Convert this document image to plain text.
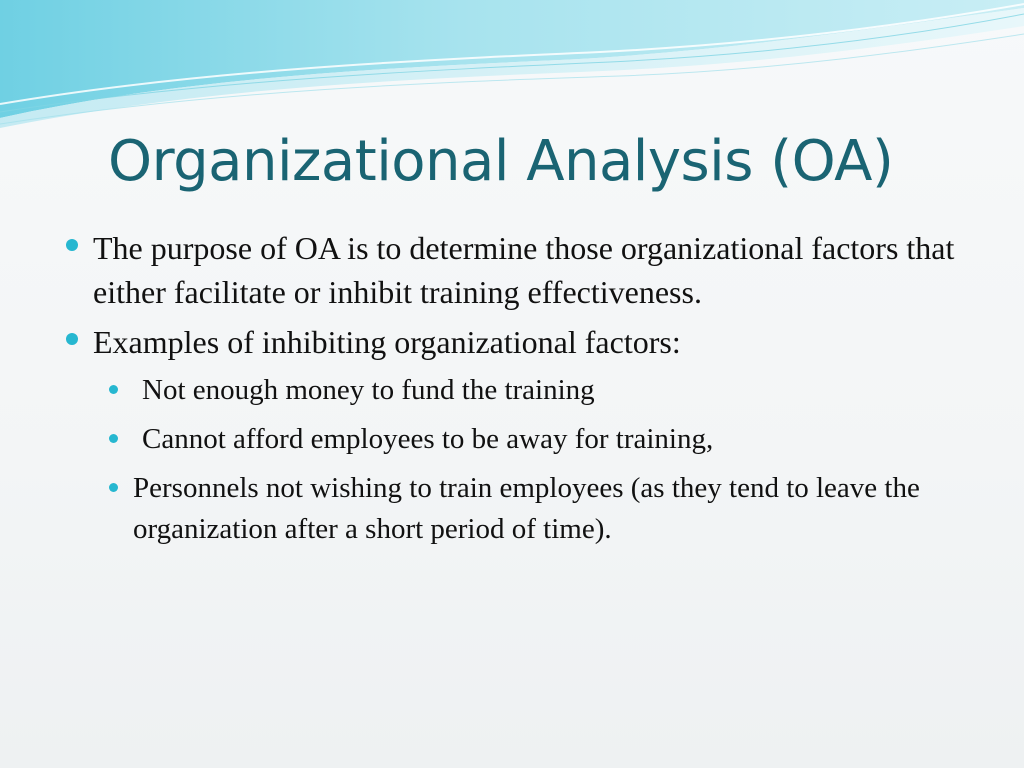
Organizational Analysis (OA)
The purpose of OA is to determine those organizational factors that either facilitate or inhibit training effectiveness.
Examples of inhibiting organizational factors:
Not enough money to fund the training
Cannot afford employees to be away for training,
Personnels not wishing to train employees (as they tend to leave the organization after a short period of time).
